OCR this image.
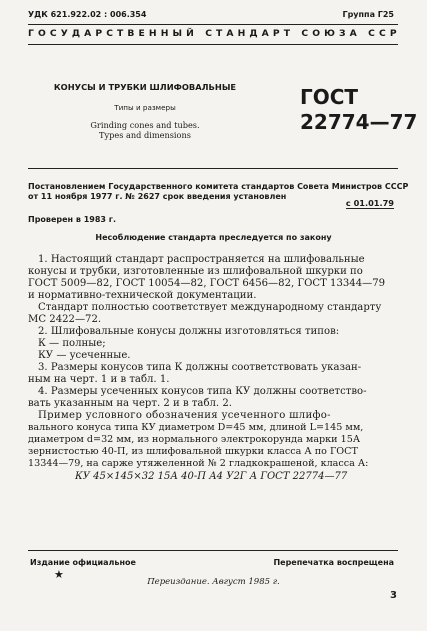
УДК 621.922.02 : 006.354	Группа Г25
ГОСУДАРСТВЕННЫЙ СТАНДАРТ СОЮЗА ССР
КОНУСЫ И ТРУБКИ ШЛИФОВАЛЬНЫЕ
Типы и размеры
Grinding cones and tubes.
Types and dimensions
ГОСТ
22774—77
Постановлением Государственного комитета стандартов Совета Министров СССР
от 11 ноября 1977 г. № 2627 срок введения установлен
с 01.01.79
Проверен в 1983 г.
Несоблюдение стандарта преследуется по закону
1. Настоящий стандарт распространяется на шлифовальные
конусы и трубки, изготовленные из шлифовальной шкурки по
ГОСТ 5009—82, ГОСТ 10054—82, ГОСТ 6456—82, ГОСТ 13344—79
и нормативно-технической документации.
Стандарт полностью соответствует международному стандарту
МС 2422—72.
2. Шлифовальные конусы должны изготовляться типов:
К — полные;
КУ — усеченные.
3. Размеры конусов типа К должны соответствовать указан-
ным на черт. 1 и в табл. 1.
4. Размеры усеченных конусов типа КУ должны соответство-
вать указанным на черт. 2 и в табл. 2.
Пример условного обозначения усеченного шлифо-
вального конуса типа КУ диаметром D=45 мм, длиной L=145 мм,
диаметром d=32 мм, из нормального электрокорунда марки 15А
зернистостью 40-П, из шлифовальной шкурки класса А по ГОСТ
13344—79, на саржe утяжеленной № 2 гладкокрашеной, класса А:
КУ 45×145×32 15А 40-П А4 У2Г А ГОСТ 22774—77
Издание официальное	Перепечатка воспрещена
★
Переиздание. Август 1985 г.
3
